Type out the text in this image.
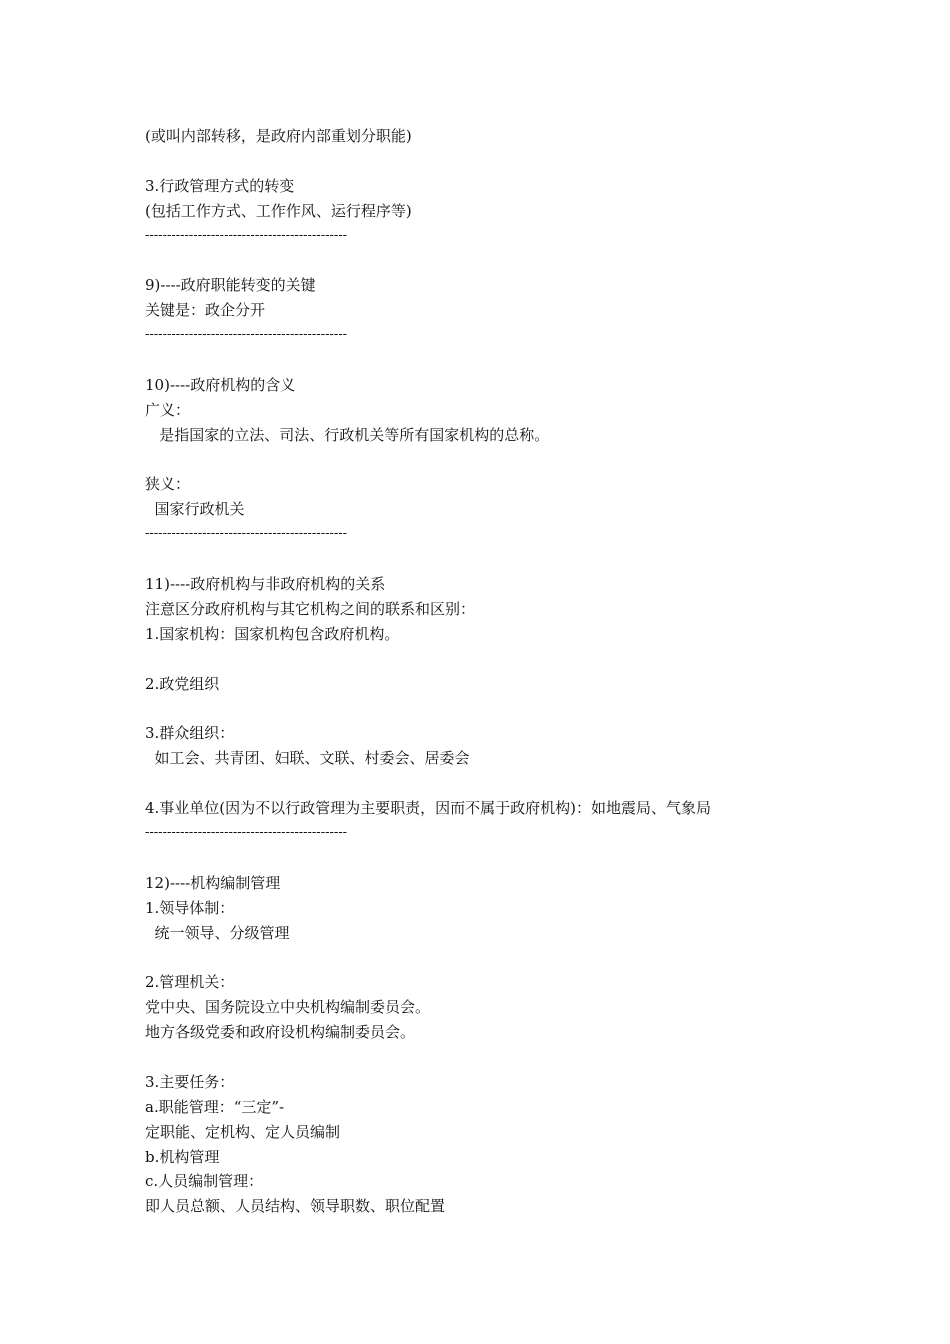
(或叫内部转移，是政府内部重划分职能)
3.行政管理方式的转变
(包括工作方式、工作作风、运行程序等)
----------------------------------------------
9)----政府职能转变的关键
关键是：政企分开
----------------------------------------------
10)----政府机构的含义
广义：
是指国家的立法、司法、行政机关等所有国家机构的总称。
狭义：
国家行政机关
----------------------------------------------
11)----政府机构与非政府机构的关系
注意区分政府机构与其它机构之间的联系和区别：
1.国家机构：国家机构包含政府机构。
2.政党组织
3.群众组织：
如工会、共青团、妇联、文联、村委会、居委会
4.事业单位(因为不以行政管理为主要职责，因而不属于政府机构)：如地震局、气象局
----------------------------------------------
12)----机构编制管理
1.领导体制：
统一领导、分级管理
2.管理机关：
党中央、国务院设立中央机构编制委员会。
地方各级党委和政府设机构编制委员会。
3.主要任务：
a.职能管理：“三定”-
定职能、定机构、定人员编制
b.机构管理
c.人员编制管理：
即人员总额、人员结构、领导职数、职位配置
